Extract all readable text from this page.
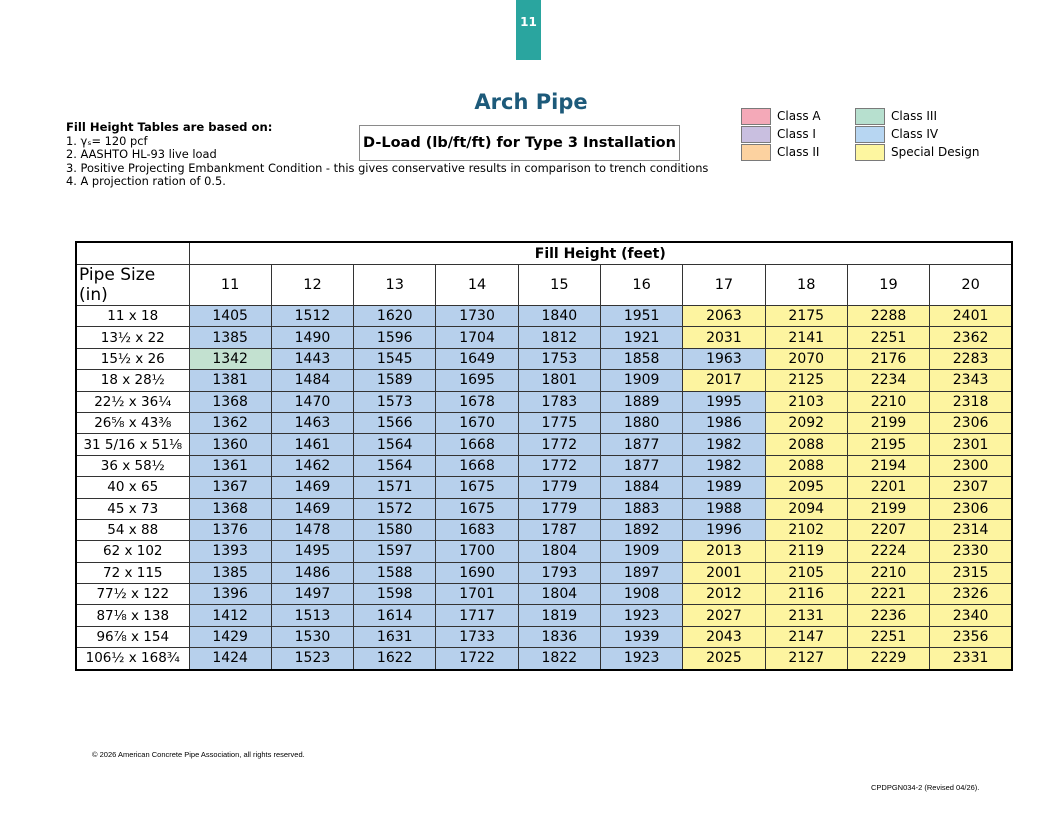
11
Arch Pipe
Fill Height Tables are based on:
1. γₛ= 120 pcf
2. AASHTO HL-93 live load
3. Positive Projecting Embankment Condition - this gives conservative results in comparison to trench conditions
4. A projection ration of 0.5.
D-Load (lb/ft/ft) for Type 3 Installation
Class A
Class I
Class II
Class III
Class IV
Special Design
	Fill Height (feet)									
Pipe Size (in)	11	12	13	14	15	16	17	18	19	20
11 x 18	1405	1512	1620	1730	1840	1951	2063	2175	2288	2401
13½ x 22	1385	1490	1596	1704	1812	1921	2031	2141	2251	2362
15½ x 26	1342	1443	1545	1649	1753	1858	1963	2070	2176	2283
18 x 28½	1381	1484	1589	1695	1801	1909	2017	2125	2234	2343
22½ x 36¼	1368	1470	1573	1678	1783	1889	1995	2103	2210	2318
26⅝ x 43⅜	1362	1463	1566	1670	1775	1880	1986	2092	2199	2306
31 5/16 x 51⅛	1360	1461	1564	1668	1772	1877	1982	2088	2195	2301
36 x 58½	1361	1462	1564	1668	1772	1877	1982	2088	2194	2300
40 x 65	1367	1469	1571	1675	1779	1884	1989	2095	2201	2307
45 x 73	1368	1469	1572	1675	1779	1883	1988	2094	2199	2306
54 x 88	1376	1478	1580	1683	1787	1892	1996	2102	2207	2314
62 x 102	1393	1495	1597	1700	1804	1909	2013	2119	2224	2330
72 x 115	1385	1486	1588	1690	1793	1897	2001	2105	2210	2315
77½ x 122	1396	1497	1598	1701	1804	1908	2012	2116	2221	2326
87⅛ x 138	1412	1513	1614	1717	1819	1923	2027	2131	2236	2340
96⅞ x 154	1429	1530	1631	1733	1836	1939	2043	2147	2251	2356
106½ x 168¾	1424	1523	1622	1722	1822	1923	2025	2127	2229	2331
© 2026 American Concrete Pipe Association, all rights reserved.
CPDPGN034-2 (Revised 04/26).
